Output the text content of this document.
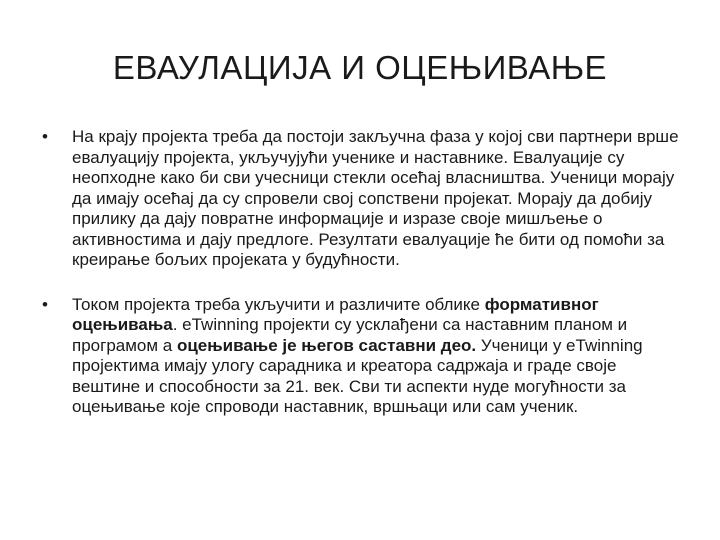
ЕВАУЛАЦИЈА И ОЦЕЊИВАЊЕ
• На крају пројекта треба да постоји закључна фаза у којој сви партнери врше евалуацију пројекта, укључујући ученике и наставнике. Евалуације су неопходне како би сви учесници стекли осећај власништва. Ученици морају да имају осећај да су спровели свој сопствени пројекат. Морају да добију прилику да дају повратне информације и изразе своје мишљење о активностима и дају предлоге. Резултати евалуације ће бити од помоћи за креирање бољих пројеката у будућности.
• Током пројекта треба укључити и различите облике формативног оцењивања. eTwinning пројекти су усклађени са наставним планом и програмом а оцењивање је његов саставни део. Ученици у eTwinning пројектима имају улогу сарадника и креатора садржаја и граде своје вештине и способности за 21. век. Сви ти аспекти нуде могућности за оцењивање које спроводи наставник, вршњаци или сам ученик.
